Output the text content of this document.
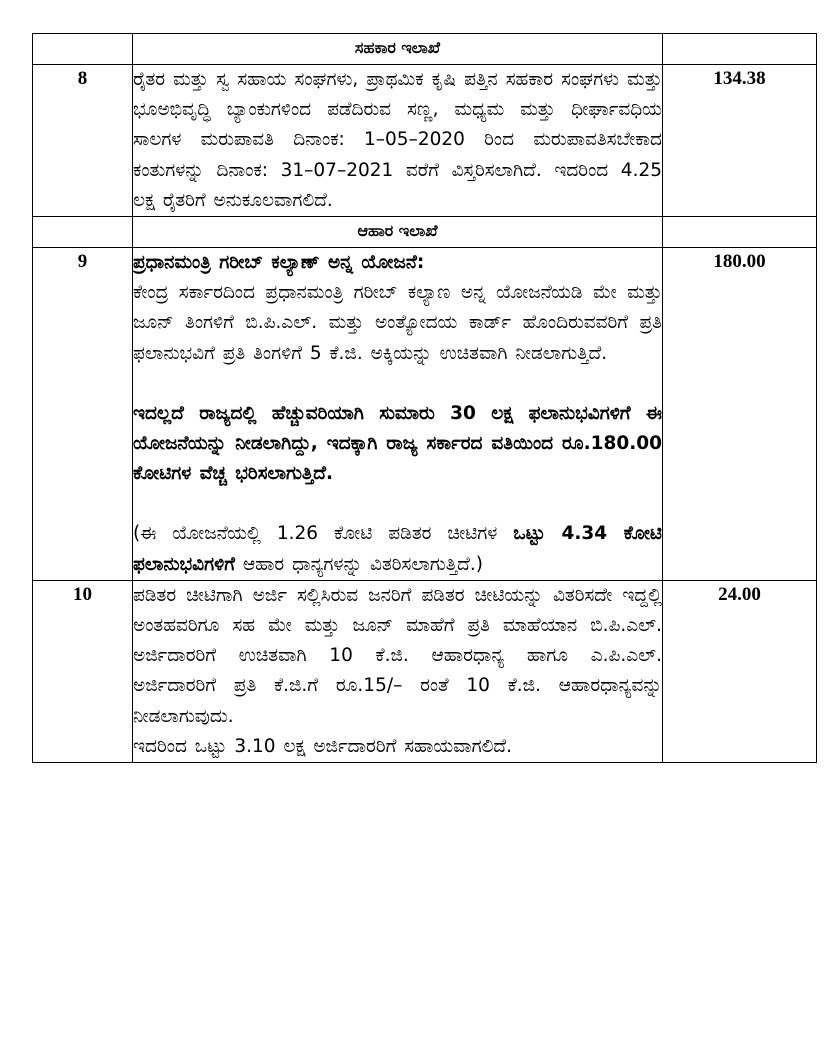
	ಸಹಕಾರ ಇಲಾಖೆ	
8	ರೈತರ ಮತ್ತು ಸ್ವ ಸಹಾಯ ಸಂಘಗಳು, ಪ್ರಾಥಮಿಕ ಕೃಷಿ ಪತ್ತಿನ ಸಹಕಾರ ಸಂಘಗಳು ಮತ್ತು ಭೂಅಭಿವೃದ್ಧಿ ಬ್ಯಾಂಕುಗಳಿಂದ ಪಡೆದಿರುವ ಸಣ್ಣ, ಮಧ್ಯಮ ಮತ್ತು ಧೀರ್ಘಾವಧಿಯ ಸಾಲಗಳ ಮರುಪಾವತಿ ದಿನಾಂಕ: 1–05–2020 ರಿಂದ ಮರುಪಾವತಿಸಬೇಕಾದ ಕಂತುಗಳನ್ನು ದಿನಾಂಕ: 31–07–2021 ವರೆಗೆ ವಿಸ್ತರಿಸಲಾಗಿದೆ. ಇದರಿಂದ 4.25 ಲಕ್ಷ ರೈತರಿಗೆ ಅನುಕೂಲವಾಗಲಿದೆ.	134.38
	ಆಹಾರ ಇಲಾಖೆ	
9	ಪ್ರಧಾನಮಂತ್ರಿ ಗರೀಬ್ ಕಲ್ಯಾಣ್ ಅನ್ನ ಯೋಜನೆ:

ಕೇಂದ್ರ ಸರ್ಕಾರದಿಂದ ಪ್ರಧಾನಮಂತ್ರಿ ಗರೀಬ್ ಕಲ್ಯಾಣ ಅನ್ನ ಯೋಜನೆಯಡಿ ಮೇ ಮತ್ತು ಜೂನ್ ತಿಂಗಳಿಗೆ ಬಿ.ಪಿ.ಎಲ್. ಮತ್ತು ಅಂತ್ಯೋದಯ ಕಾರ್ಡ್ ಹೊಂದಿರುವವರಿಗೆ ಪ್ರತಿ ಫಲಾನುಭವಿಗೆ ಪ್ರತಿ ತಿಂಗಳಿಗೆ 5 ಕೆ.ಜಿ. ಅಕ್ಕಿಯನ್ನು ಉಚಿತವಾಗಿ ನೀಡಲಾಗುತ್ತಿದೆ.

ಇದಲ್ಲದೆ ರಾಜ್ಯದಲ್ಲಿ ಹೆಚ್ಚುವರಿಯಾಗಿ ಸುಮಾರು 30 ಲಕ್ಷ ಫಲಾನುಭವಿಗಳಿಗೆ ಈ ಯೋಜನೆಯನ್ನು ನೀಡಲಾಗಿದ್ದು, ಇದಕ್ಕಾಗಿ ರಾಜ್ಯ ಸರ್ಕಾರದ ವತಿಯಿಂದ ರೂ.180.00 ಕೋಟಿಗಳ ವೆಚ್ಚ ಭರಿಸಲಾಗುತ್ತಿದೆ.

(ಈ ಯೋಜನೆಯಲ್ಲಿ 1.26 ಕೋಟಿ ಪಡಿತರ ಚೀಟಿಗಳ ಒಟ್ಟು 4.34 ಕೋಟಿ ಫಲಾನುಭವಿಗಳಿಗೆ ಆಹಾರ ಧಾನ್ಯಗಳನ್ನು ವಿತರಿಸಲಾಗುತ್ತಿದೆ.)	180.00
10	ಪಡಿತರ ಚೀಟಿಗಾಗಿ ಅರ್ಜಿ ಸಲ್ಲಿಸಿರುವ ಜನರಿಗೆ ಪಡಿತರ ಚೀಟಿಯನ್ನು ವಿತರಿಸದೇ ಇದ್ದಲ್ಲಿ ಅಂತಹವರಿಗೂ ಸಹ ಮೇ ಮತ್ತು ಜೂನ್ ಮಾಹೆಗೆ ಪ್ರತಿ ಮಾಹೆಯಾನ ಬಿ.ಪಿ.ಎಲ್. ಅರ್ಜಿದಾರರಿಗೆ ಉಚಿತವಾಗಿ 10 ಕೆ.ಜಿ. ಆಹಾರಧಾನ್ಯ ಹಾಗೂ ಎ.ಪಿ.ಎಲ್. ಅರ್ಜಿದಾರರಿಗೆ ಪ್ರತಿ ಕೆ.ಜಿ.ಗೆ ರೂ.15/– ರಂತೆ 10 ಕೆ.ಜಿ. ಆಹಾರಧಾನ್ಯವನ್ನು ನೀಡಲಾಗುವುದು.

ಇದರಿಂದ ಒಟ್ಟು 3.10 ಲಕ್ಷ ಅರ್ಜಿದಾರರಿಗೆ ಸಹಾಯವಾಗಲಿದೆ.	24.00
